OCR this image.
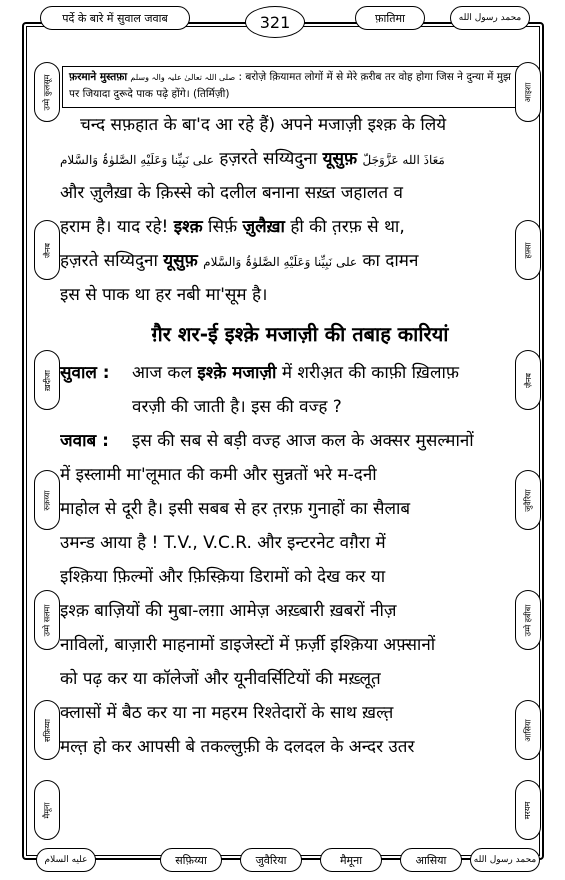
पर्दे के बारे में सुवाल जवाब	321	फ़ातिमा	محمد رسول الله
फ़रमाने मुस्तफ़ा صلی اللہ تعالیٰ علیہ والہ وسلم : बरोज़े क़ियामत लोगों में से मेरे क़रीब तर वोह होगा जिस ने दुन्या में मुझ
पर जियादा दुरूदे पाक पढ़े होंगे। (तिर्मिज़ी)
उम्मे कुलसूम
जैनब
ख़दीजा
रुक़य्या
उम्मे सलमा
सफ़िय्या
मैमूना
आइशा
हफ़्सा
ज़ैनब
जुवैरिया
उम्मे हबीबा
आसिया
मरयम
चन्द सफ़हात के बा'द आ रहे हैं) अपने मजाज़ी इश्क़ के लिये
علی نَبِیِّنا وَعَلَیْهِ الصَّلوٰۃُ وَالسَّلام हज़रते सय्यिदुना यूसुफ़ مَعَاذَ الله عَزَّوَجَلّ
और ज़ुलैख़ा के क़िस्से को दलील बनाना सख़्त जहालत व
हराम है। याद रहे! इश्क़ सिर्फ़ ज़ुलैख़ा ही की त़रफ़ से था,
हज़रते सय्यिदुना यूसुफ़ علی نَبِیِّنا وَعَلَیْهِ الصَّلوٰۃُ وَالسَّلام का दामन
इस से पाक था हर नबी मा'सूम है।
ग़ैर शर-ई इश्क़े मजाज़ी की तबाह कारियां
सुवाल : आज कल इश्क़े मजाज़ी में शरीअ़त की काफ़ी ख़िलाफ़
वरज़ी की जाती है। इस की वज्ह ?
जवाब : इस की सब से बड़ी वज्ह आज कल के अक्सर मुसल्मानों
में इस्लामी मा'लूमात की कमी और सुन्नतों भरे म-दनी
माहोल से दूरी है। इसी सबब से हर त़रफ़ गुनाहों का सैलाब
उमन्ड आया है ! T.V., V.C.R. और इन्टरनेट वग़ैरा में
इश्क़िया फ़िल्मों और फ़िस्क़िया डिरामों को देख कर या
इश्क़ बाज़ियों की मुबा-लग़ा आमेज़ अख़्बारी ख़बरों नीज़
नाविलों, बाज़ारी माहनामों डाइजेस्टों में फ़र्ज़ी इश्क़िया अफ़्सानों
को पढ़ कर या कॉलेजों और यूनीवर्सिटियों की मख़्लूत़
क्लासों में बैठ कर या ना महरम रिश्तेदारों के साथ ख़ल्त़
मल्त़ हो कर आपसी बे तकल्लुफ़ी के दलदल के अन्दर उतर
علیه السلام	सफ़िय्या	जुवैरिया	मैमूना	आसिया	محمد رسول الله
